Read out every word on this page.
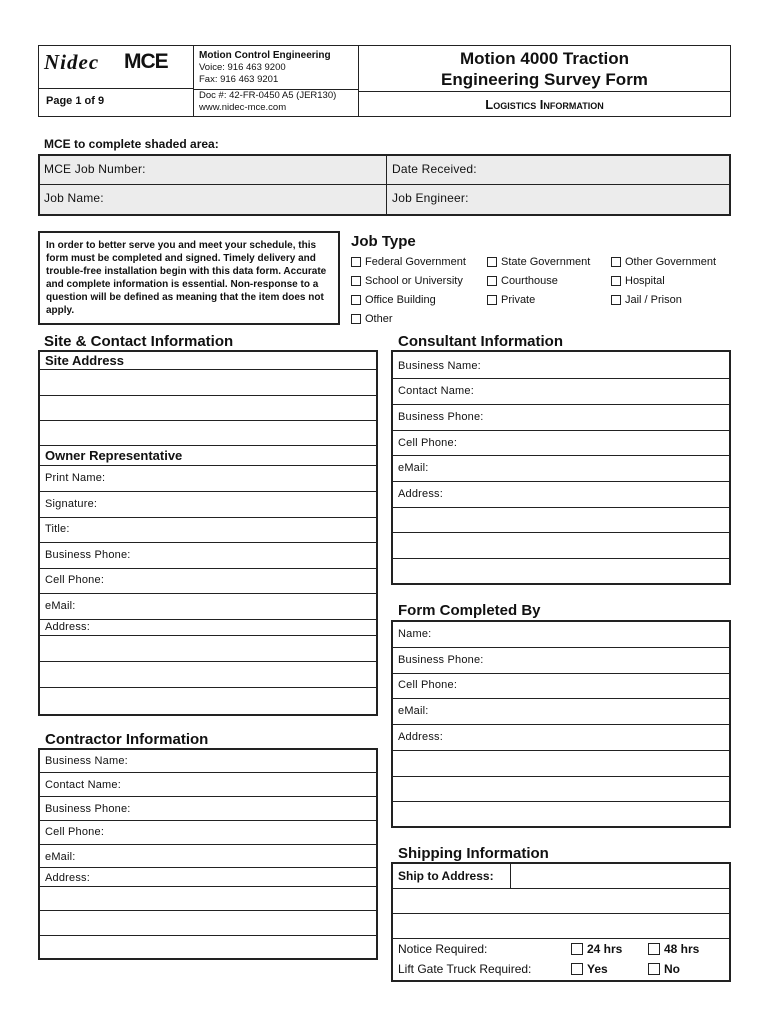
Nidec MCE	Motion Control Engineering
Voice: 916 463 9200
Fax: 916 463 9201
Doc #: 42-FR-0450 A5 (JER130)
www.nidec-mce.com
Page 1 of 9
Motion 4000 Traction
Engineering Survey Form
Logistics Information
MCE to complete shaded area:
MCE Job Number:	Date Received:
Job Name:	Job Engineer:
In order to better serve you and meet your schedule, this form must be completed and signed. Timely delivery and trouble-free installation begin with this data form. Accurate and complete information is essential. Non-response to a question will be defined as meaning that the item does not apply.
Job Type
Federal Government	State Government	Other Government
School or University	Courthouse	Hospital
Office Building	Private	Jail / Prison
Other
Site & Contact Information
Site Address
Owner Representative
Print Name:
Signature:
Title:
Business Phone:
Cell Phone:
eMail:
Address:
Contractor Information
Business Name:
Contact Name:
Business Phone:
Cell Phone:
eMail:
Address:
Consultant Information
Business Name:
Contact Name:
Business Phone:
Cell Phone:
eMail:
Address:
Form Completed By
Name:
Business Phone:
Cell Phone:
eMail:
Address:
Shipping Information
Ship to Address:
Notice Required:	24 hrs	48 hrs
Lift Gate Truck Required:	Yes	No
